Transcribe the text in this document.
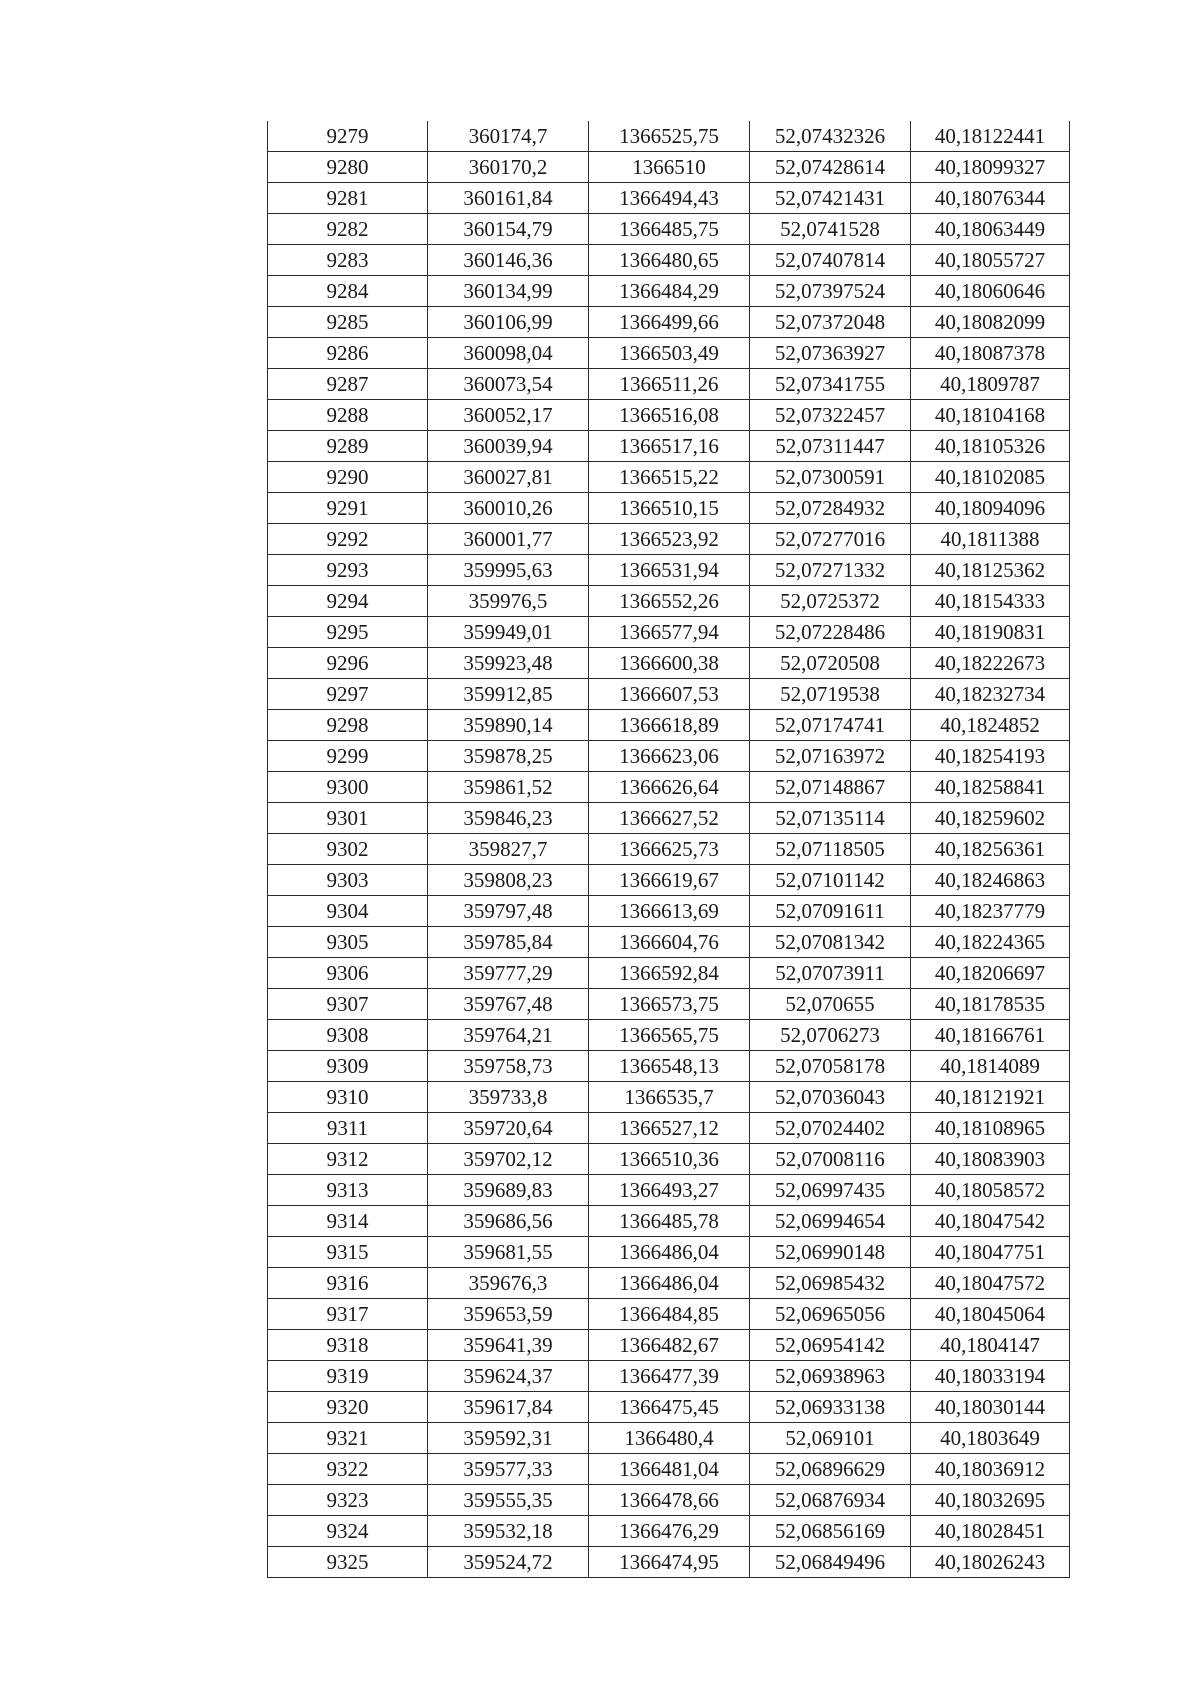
9279	360174,7	1366525,75	52,07432326	40,18122441
9280	360170,2	1366510	52,07428614	40,18099327
9281	360161,84	1366494,43	52,07421431	40,18076344
9282	360154,79	1366485,75	52,0741528	40,18063449
9283	360146,36	1366480,65	52,07407814	40,18055727
9284	360134,99	1366484,29	52,07397524	40,18060646
9285	360106,99	1366499,66	52,07372048	40,18082099
9286	360098,04	1366503,49	52,07363927	40,18087378
9287	360073,54	1366511,26	52,07341755	40,1809787
9288	360052,17	1366516,08	52,07322457	40,18104168
9289	360039,94	1366517,16	52,07311447	40,18105326
9290	360027,81	1366515,22	52,07300591	40,18102085
9291	360010,26	1366510,15	52,07284932	40,18094096
9292	360001,77	1366523,92	52,07277016	40,1811388
9293	359995,63	1366531,94	52,07271332	40,18125362
9294	359976,5	1366552,26	52,0725372	40,18154333
9295	359949,01	1366577,94	52,07228486	40,18190831
9296	359923,48	1366600,38	52,0720508	40,18222673
9297	359912,85	1366607,53	52,0719538	40,18232734
9298	359890,14	1366618,89	52,07174741	40,1824852
9299	359878,25	1366623,06	52,07163972	40,18254193
9300	359861,52	1366626,64	52,07148867	40,18258841
9301	359846,23	1366627,52	52,07135114	40,18259602
9302	359827,7	1366625,73	52,07118505	40,18256361
9303	359808,23	1366619,67	52,07101142	40,18246863
9304	359797,48	1366613,69	52,07091611	40,18237779
9305	359785,84	1366604,76	52,07081342	40,18224365
9306	359777,29	1366592,84	52,07073911	40,18206697
9307	359767,48	1366573,75	52,070655	40,18178535
9308	359764,21	1366565,75	52,0706273	40,18166761
9309	359758,73	1366548,13	52,07058178	40,1814089
9310	359733,8	1366535,7	52,07036043	40,18121921
9311	359720,64	1366527,12	52,07024402	40,18108965
9312	359702,12	1366510,36	52,07008116	40,18083903
9313	359689,83	1366493,27	52,06997435	40,18058572
9314	359686,56	1366485,78	52,06994654	40,18047542
9315	359681,55	1366486,04	52,06990148	40,18047751
9316	359676,3	1366486,04	52,06985432	40,18047572
9317	359653,59	1366484,85	52,06965056	40,18045064
9318	359641,39	1366482,67	52,06954142	40,1804147
9319	359624,37	1366477,39	52,06938963	40,18033194
9320	359617,84	1366475,45	52,06933138	40,18030144
9321	359592,31	1366480,4	52,069101	40,1803649
9322	359577,33	1366481,04	52,06896629	40,18036912
9323	359555,35	1366478,66	52,06876934	40,18032695
9324	359532,18	1366476,29	52,06856169	40,18028451
9325	359524,72	1366474,95	52,06849496	40,18026243
